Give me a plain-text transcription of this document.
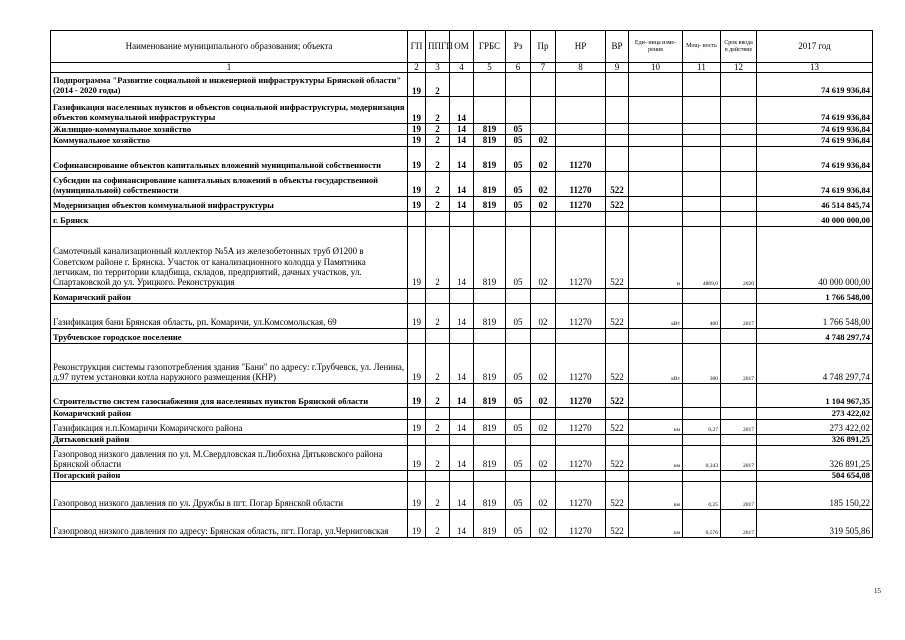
Наименование муниципального образования; объекта	ГП	ППГП	ОМ	ГРБС	Рз	Пр	НР	ВР	Еди- ница изме- рения	Мощ- ность	Срок ввода в действие	2017 год
1	2	3	4	5	6	7	8	9	10	11	12	13
Подпрограмма "Развитие социальной и инженерной инфраструктуры Брянской области" (2014 - 2020 годы)	19	2										74 619 936,84
Газификация населенных пунктов и объектов социальной инфраструктуры, модернизация объектов коммунальной инфраструктуры	19	2	14									74 619 936,84
Жилищно-коммунальное хозяйство	19	2	14	819	05							74 619 936,84
Коммунальное хозяйство	19	2	14	819	05	02						74 619 936,84
Софинансирование объектов капитальных вложений муниципальной собственности	19	2	14	819	05	02	11270					74 619 936,84
Субсидии на софинансирование капитальных вложений в объекты государственной (муниципальной) собственности	19	2	14	819	05	02	11270	522				74 619 936,84
Модернизация объектов коммунальной инфраструктуры	19	2	14	819	05	02	11270	522				46 514 845,74
г. Брянск												40 000 000,00
Самотечный канализационный коллектор №5А из железобетонных труб Ø1200 в Советском районе г. Брянска. Участок от канализационного колодца у Памятника летчикам, по территории кладбища, складов, предприятий, дачных участков, ул. Спартаковской до ул. Урицкого. Реконструкция	19	2	14	819	05	02	11270	522	м	4869,0	2020	40 000 000,00
Комаричский район												1 766 548,00
Газификация бани Брянская область, рп. Комаричи, ул.Комсомольская, 69	19	2	14	819	05	02	11270	522	кВт	400	2017	1 766 548,00
Трубчевское городское поселение												4 748 297,74
Реконструкция системы газопотребления здания "Бани" по адресу: г.Трубчевск, ул. Ленина, д.97 путем установки котла наружного размещения (КНР)	19	2	14	819	05	02	11270	522	кВт	300	2017	4 748 297,74
Строительство систем газоснабжения для населенных пунктов Брянской области	19	2	14	819	05	02	11270	522				1 104 967,35
Комаричский район												273 422,02
Газификация н.п.Комаричи Комаричского района	19	2	14	819	05	02	11270	522	км	0,27	2017	273 422,02
Дятьковский район												326 891,25
Газопровод низкого давления по ул. М.Свердловская п.Любохна Дятьковского района Брянской области	19	2	14	819	05	02	11270	522	км	0,343	2017	326 891,25
Погарский район												504 654,08
Газопровод низкого давления по ул. Дружбы в пгт. Погар Брянской области	19	2	14	819	05	02	11270	522	км	0,25	2017	185 150,22
Газопровод низкого давления по адресу: Брянская область, пгт. Погар, ул.Черниговская	19	2	14	819	05	02	11270	522	км	0,576	2017	319 505,86
15
